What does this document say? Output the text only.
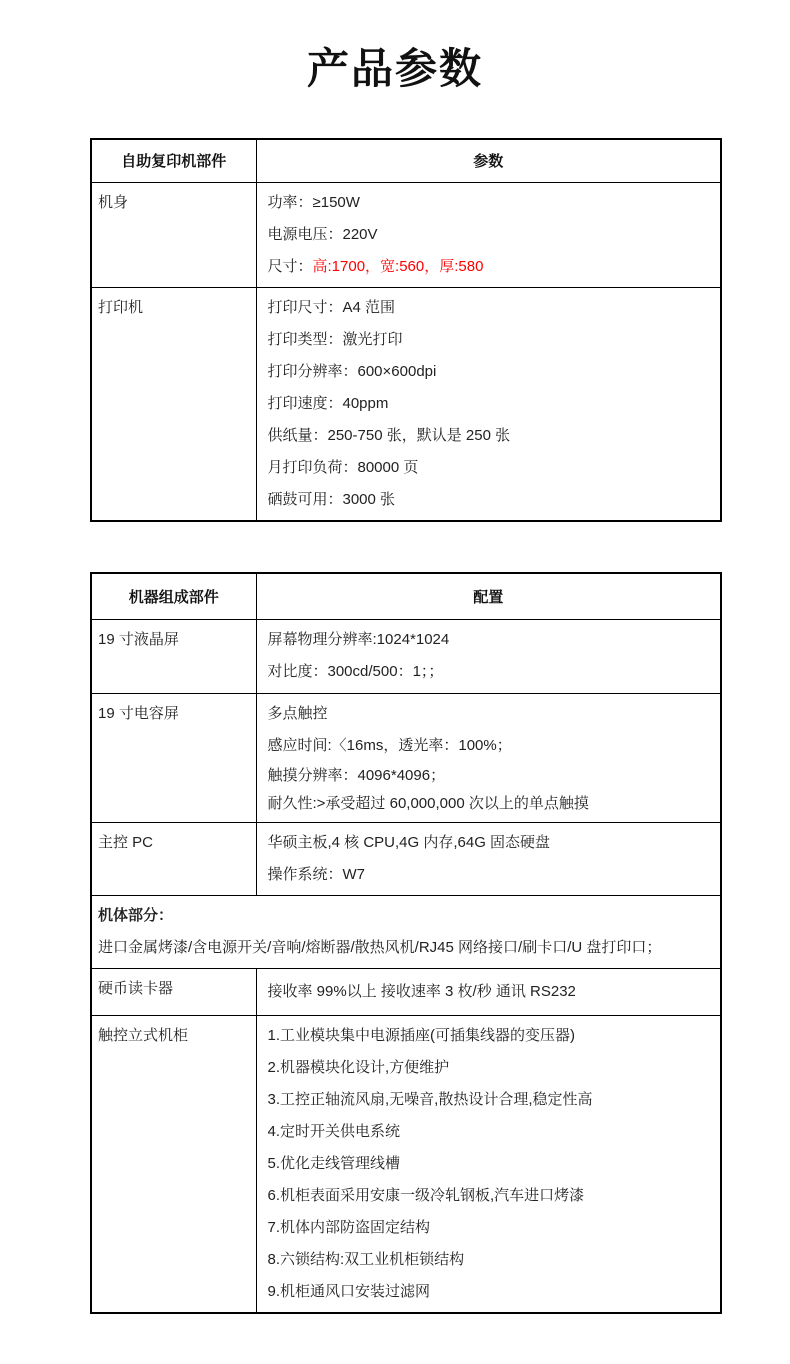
产品参数
自助复印机部件	参数
机身	功率：≥150W

电源电压：220V

尺寸：高:1700，宽:560，厚:580

打印机	打印尺寸：A4 范围

打印类型：激光打印

打印分辨率：600×600dpi

打印速度：40ppm

供纸量：250-750 张，默认是 250 张

月打印负荷：80000 页

硒鼓可用：3000 张

机器组成部件	配置
19 寸液晶屏	屏幕物理分辨率:1024*1024

对比度：300cd/500：1；；

19 寸电容屏	多点触控

感应时间:〈16ms，透光率：100%；

触摸分辨率：4096*4096；

耐久性:>承受超过 60,000,000 次以上的单点触摸

主控 PC	华硕主板,4 核 CPU,4G 内存,64G 固态硬盘

操作系统：W7

机体部分：

进口金属烤漆/含电源开关/音响/熔断器/散热风机/RJ45 网络接口/刷卡口/U 盘打印口；	

硬币读卡器	接收率 99%以上 接收速率 3 枚/秒 通讯 RS232

触控立式机柜	1.工业模块集中电源插座(可插集线器的变压器)

2.机器模块化设计,方便维护

3.工控正轴流风扇,无噪音,散热设计合理,稳定性高

4.定时开关供电系统

5.优化走线管理线槽

6.机柜表面采用安康一级冷轧钢板,汽车进口烤漆

7.机体内部防盗固定结构

8.六锁结构:双工业机柜锁结构

9.机柜通风口安装过滤网
